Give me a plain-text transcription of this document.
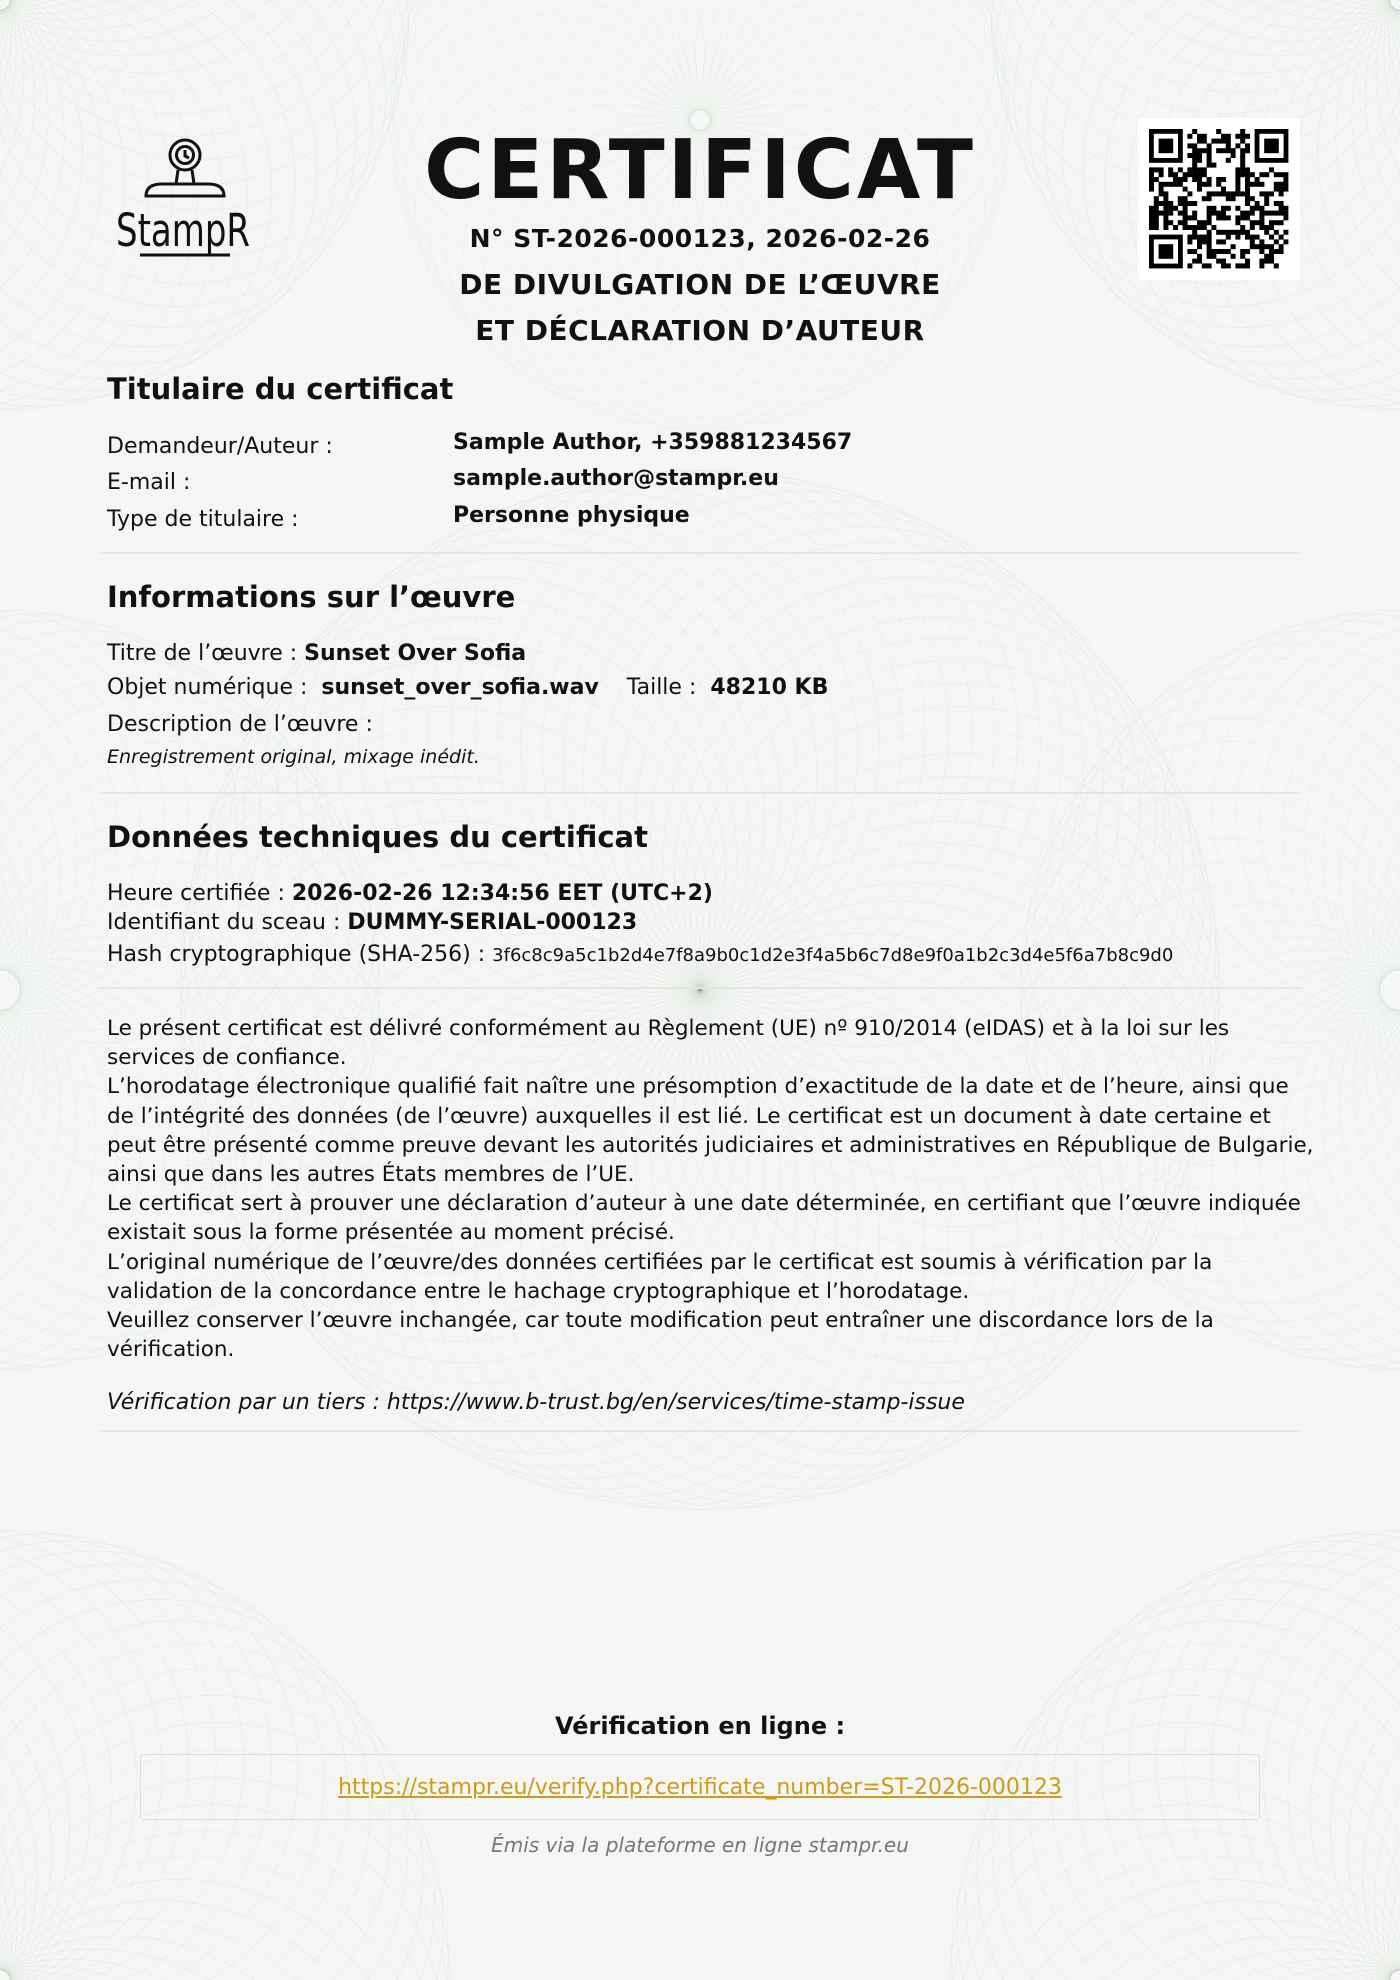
StampR
CERTIFICAT
N° ST-2026-000123, 2026-02-26
DE DIVULGATION DE L’ŒUVRE
ET DÉCLARATION D’AUTEUR
Titulaire du certificat
Demandeur/Auteur :	Sample Author, +359881234567
E-mail :	sample.author@stampr.eu
Type de titulaire :	Personne physique
Informations sur l’œuvre
Titre de l’œuvre : Sunset Over Sofia
Objet numérique : sunset_over_sofia.wav Taille : 48210 KB
Description de l’œuvre :
Enregistrement original, mixage inédit.
Données techniques du certificat
Heure certifiée : 2026-02-26 12:34:56 EET (UTC+2)
Identifiant du sceau : DUMMY-SERIAL-000123
Hash cryptographique (SHA-256) : 3f6c8c9a5c1b2d4e7f8a9b0c1d2e3f4a5b6c7d8e9f0a1b2c3d4e5f6a7b8c9d0

Le présent certificat est délivré conformément au Règlement (UE) nº 910/2014 (eIDAS) et à la loi sur les services de confiance.

L’horodatage électronique qualifié fait naître une présomption d’exactitude de la date et de l’heure, ainsi que de l’intégrité des données (de l’œuvre) auxquelles il est lié. Le certificat est un document à date certaine et peut être présenté comme preuve devant les autorités judiciaires et administratives en République de Bulgarie, ainsi que dans les autres États membres de l’UE.

Le certificat sert à prouver une déclaration d’auteur à une date déterminée, en certifiant que l’œuvre indiquée existait sous la forme présentée au moment précisé.

L’original numérique de l’œuvre/des données certifiées par le certificat est soumis à vérification par la validation de la concordance entre le hachage cryptographique et l’horodatage.

Veuillez conserver l’œuvre inchangée, car toute modification peut entraîner une discordance lors de la vérification.

Vérification par un tiers : https://www.b-trust.bg/en/services/time-stamp-issue
Vérification en ligne :
https://stampr.eu/verify.php?certificate_number=ST-2026-000123
Émis via la plateforme en ligne stampr.eu
